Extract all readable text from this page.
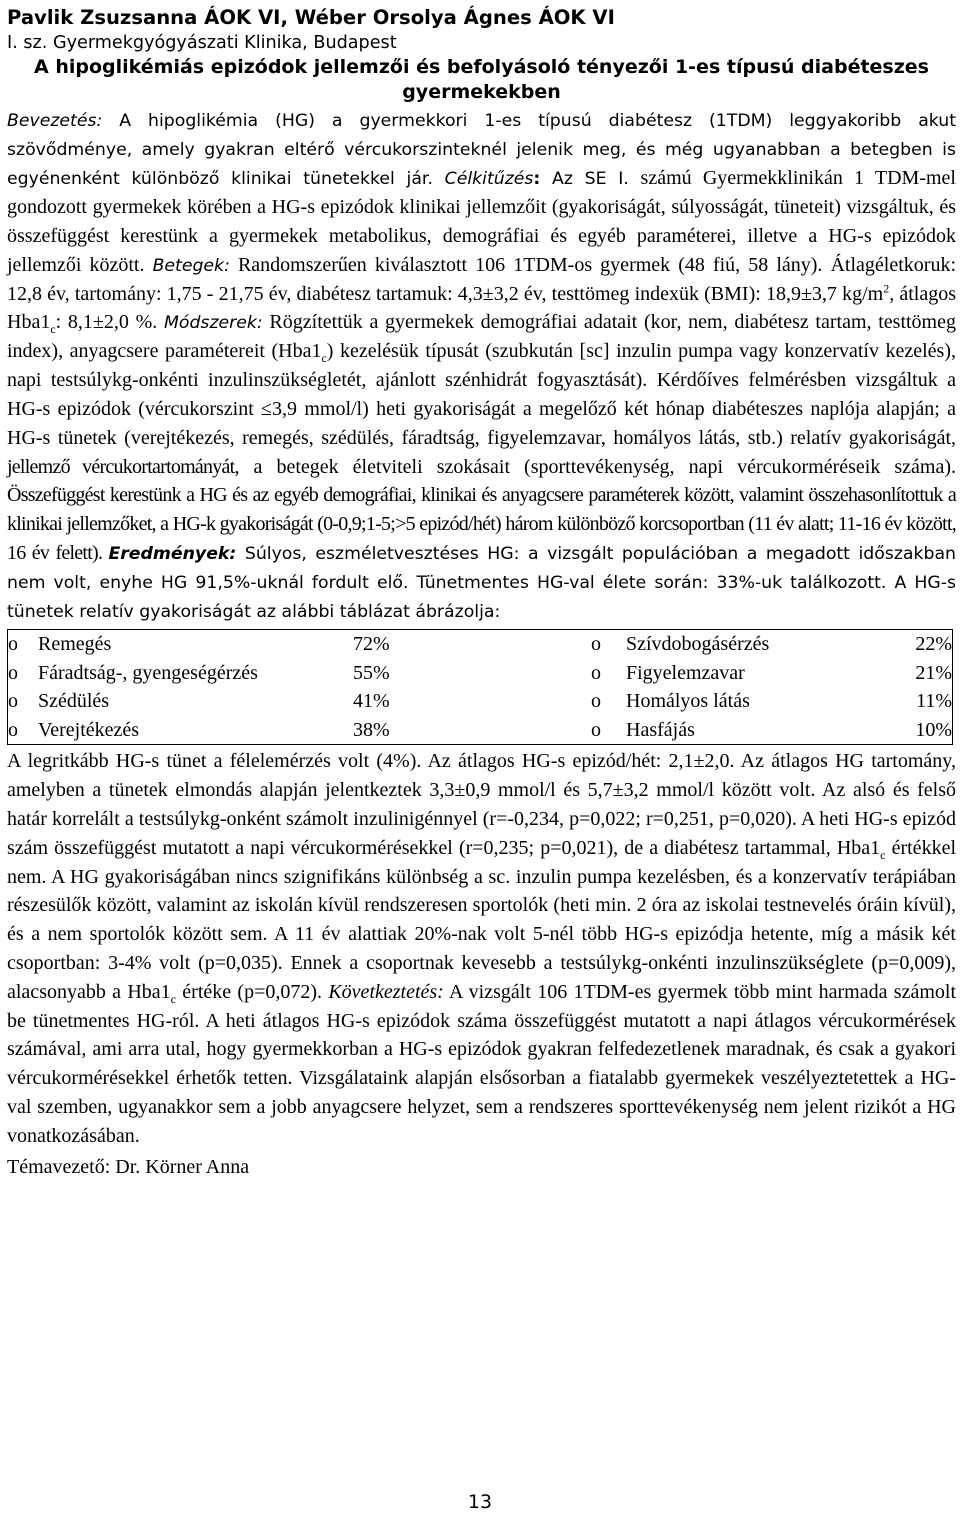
Pavlik Zsuzsanna ÁOK VI, Wéber Orsolya Ágnes ÁOK VI
I. sz. Gyermekgyógyászati Klinika, Budapest
A hipoglikémiás epizódok jellemzői és befolyásoló tényezői 1-es típusú diabéteszes gyermekekben
Bevezetés: A hipoglikémia (HG) a gyermekkori 1-es típusú diabétesz (1TDM) leggyakoribb akut szövődménye, amely gyakran eltérő vércukorszinteknél jelenik meg, és még ugyanabban a betegben is egyénenként különböző klinikai tünetekkel jár. Célkitűzés: Az SE I. számú Gyermekklinikán 1 TDM-mel gondozott gyermekek körében a HG-s epizódok klinikai jellemzőit (gyakoriságát, súlyosságát, tüneteit) vizsgáltuk, és összefüggést kerestünk a gyermekek metabolikus, demográfiai és egyéb paraméterei, illetve a HG-s epizódok jellemzői között. Betegek: Randomszerűen kiválasztott 106 1TDM-os gyermek (48 fiú, 58 lány). Átlagéletkoruk: 12,8 év, tartomány: 1,75 - 21,75 év, diabétesz tartamuk: 4,3±3,2 év, testtömeg indexük (BMI): 18,9±3,7 $kg/m^2$, átlagos $Hba1_c$: 8,1±2,0 %. Módszerek: Rögzítettük a gyermekek demográfiai adatait (kor, nem, diabétesz tartam, testtömeg index), anyagcsere paramétereit $(Hba1_c)$ kezelésük típusát (szubkután [sc] inzulin pumpa vagy konzervatív kezelés), napi testsúlykg-onkénti inzulinszükségletét, ajánlott szénhidrát fogyasztását). Kérdőíves felmérésben vizsgáltuk a HG-s epizódok (vércukorszint ≤3,9 mmol/l) heti gyakoriságát a megelőző két hónap diabéteszes naplója alapján; a HG-s tünetek (verejtékezés, remegés, szédülés, fáradtság, figyelemzavar, homályos látás, stb.) relatív gyakoriságát, jellemző vércukortartományát, a betegek életviteli szokásait (sporttevékenység, napi vércukorméréseik száma). Összefüggést kerestünk a HG és az egyéb demográfiai, klinikai és anyagcsere paraméterek között, valamint összehasonlítottuk a klinikai jellemzőket, a HG-k gyakoriságát (0-0,9;1-5;>5 epizód/hét) három különböző korcsoportban (11 év alatt; 11-16 év között, 16 év felett). Eredmények: Súlyos, eszméletvesztéses HG: a vizsgált populációban a megadott időszakban nem volt, enyhe HG 91,5%-uknál fordult elő. Tünetmentes HG-val élete során: 33%-uk találkozott. A HG-s tünetek relatív gyakoriságát az alábbi táblázat ábrázolja:
o	Remegés	72%		o	Szívdobogásérzés	22%
o	Fáradtság-, gyengeségérzés	55%		o	Figyelemzavar	21%
o	Szédülés	41%		o	Homályos látás	11%
o	Verejtékezés	38%		o	Hasfájás	10%
A legritkább HG-s tünet a félelemérzés volt (4%). Az átlagos HG-s epizód/hét: 2,1±2,0. Az átlagos HG tartomány, amelyben a tünetek elmondás alapján jelentkeztek 3,3±0,9 mmol/l és 5,7±3,2 mmol/l között volt. Az alsó és felső határ korrelált a testsúlykg-onként számolt inzulinigénnyel (r=-0,234, p=0,022; r=0,251, p=0,020). A heti HG-s epizód szám összefüggést mutatott a napi vércukormérésekkel (r=0,235; p=0,021), de a diabétesz tartammal, $Hba1_c$ értékkel nem. A HG gyakoriságában nincs szignifikáns különbség a sc. inzulin pumpa kezelésben, és a konzervatív terápiában részesülők között, valamint az iskolán kívül rendszeresen sportolók (heti min. 2 óra az iskolai testnevelés óráin kívül), és a nem sportolók között sem. A 11 év alattiak 20%-nak volt 5-nél több HG-s epizódja hetente, míg a másik két csoportban: 3-4% volt (p=0,035). Ennek a csoportnak kevesebb a testsúlykg-onkénti inzulinszükséglete (p=0,009), alacsonyabb a $Hba1_c$ értéke (p=0,072). Következtetés: A vizsgált 106 1TDM-es gyermek több mint harmada számolt be tünetmentes HG-ról. A heti átlagos HG-s epizódok száma összefüggést mutatott a napi átlagos vércukormérések számával, ami arra utal, hogy gyermekkorban a HG-s epizódok gyakran felfedezetlenek maradnak, és csak a gyakori vércukormérésekkel érhetők tetten. Vizsgálataink alapján elsősorban a fiatalabb gyermekek veszélyeztetettek a HG-val szemben, ugyanakkor sem a jobb anyagcsere helyzet, sem a rendszeres sporttevékenység nem jelent rizikót a HG vonatkozásában.
Témavezető: Dr. Körner Anna
13
